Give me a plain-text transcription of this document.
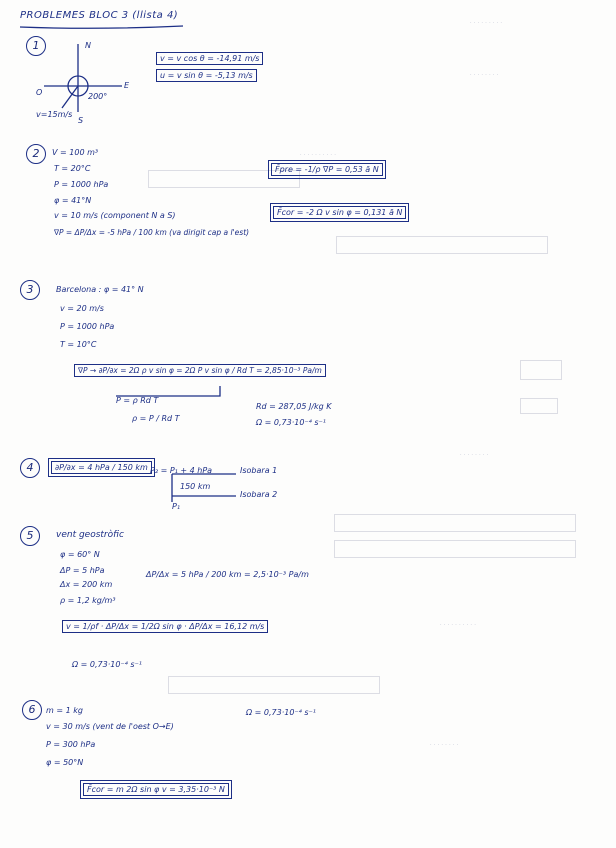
. . . . . . . . .
. . . . . . . .
. . . . . . . . . .
. . . . . . . .
. . . . . . . . . .
. . . . . . . .
PROBLEMES BLOC 3 (llista 4)
1	N
E
O
S
200°
v=15m/s
v = v cos θ = -14,91 m/s
u = v sin θ = -5,13 m/s
2	V = 100 m³
T = 20°C
P = 1000 hPa
φ = 41°N
v = 10 m/s (component N a S)
∇P = ΔP/Δx = -5 hPa / 100 km (va dirigit cap a l'est)
F̄pre = -1/ρ ∇P = 0,53 ā N
F̄cor = -2 Ω v sin φ = 0,131 ā N
3	Barcelona : φ = 41° N
v = 20 m/s
P = 1000 hPa
T = 10°C
∇P → ∂P/∂x = 2Ω ρ v sin φ = 2Ω P v sin φ / Rd T = 2,85·10⁻³ Pa/m
P = ρ Rd T
ρ = P / Rd T
Rd = 287,05 J/kg K
Ω = 0,73·10⁻⁴ s⁻¹
4	∂P/∂x = 4 hPa / 150 km P₂ = P₁ + 4 hPa
150 km
P₁
Isobara 1
Isobara 2
5	vent geostròfic
φ = 60° N
ΔP = 5 hPa
Δx = 200 km
ρ = 1,2 kg/m³
ΔP/Δx = 5 hPa / 200 km = 2,5·10⁻³ Pa/m
v = 1/ρf · ΔP/Δx = 1/2Ω sin φ · ΔP/Δx = 16,12 m/s
Ω = 0,73·10⁻⁴ s⁻¹
6	m = 1 kg
v = 30 m/s (vent de l'oest O→E)
P = 300 hPa
φ = 50°N
Ω = 0,73·10⁻⁴ s⁻¹
F̄cor = m 2Ω sin φ v = 3,35·10⁻³ N
